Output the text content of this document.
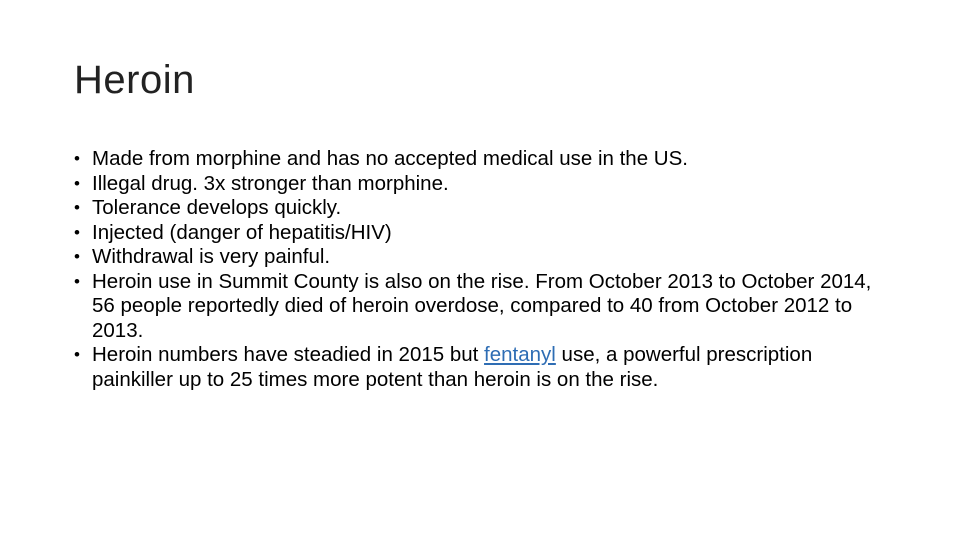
Heroin
• Made from morphine and has no accepted medical use in the US.
• Illegal drug. 3x stronger than morphine.
• Tolerance develops quickly.
• Injected (danger of hepatitis/HIV)
• Withdrawal is very painful.
• Heroin use in Summit County is also on the rise. From October 2013 to October 2014, 56 people reportedly died of heroin overdose, compared to 40 from October 2012 to 2013.
• Heroin numbers have steadied in 2015 but fentanyl use, a powerful prescription painkiller up to 25 times more potent than heroin is on the rise.
